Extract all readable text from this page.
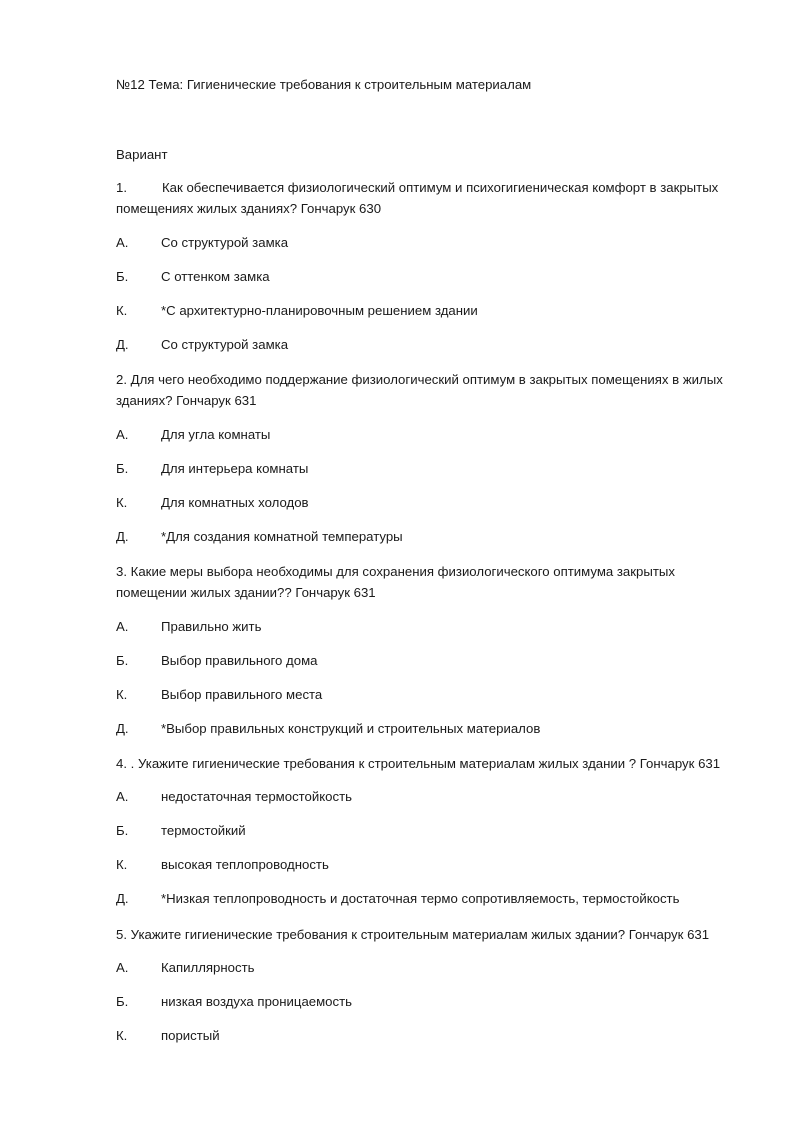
№12 Тема: Гигиенические требования к строительным материалам
Вариант
1.	Как обеспечивается физиологический оптимум и психогигиеническая комфорт в закрытых помещениях жилых зданиях? Гончарук 630
А. Со структурой замка
Б. С оттенком замка
К.	*С архитектурно-планировочным решением здании
Д. Со структурой замка
2. Для чего необходимо поддержание физиологический оптимум в закрытых помещениях в жилых зданиях? Гончарук 631
А. Для угла комнаты
Б. Для интерьера комнаты
К.	Для комнатных холодов
Д. *Для создания комнатной температуры
3. Какие меры выбора необходимы для сохранения физиологического оптимума закрытых помещении жилых здании?? Гончарук 631
А. Правильно жить
Б. Выбор правильного дома
К.	Выбор правильного места
Д. *Выбор правильных конструкций и строительных материалов
4. . Укажите гигиенические требования к строительным материалам жилых здании ? Гончарук 631
А. недостаточная термостойкость
Б. термостойкий
К.	высокая теплопроводность
Д. *Низкая теплопроводность и достаточная термо сопротивляемость, термостойкость
5. Укажите гигиенические требования к строительным материалам жилых здании? Гончарук 631
А. Капиллярность
Б. низкая воздуха проницаемость
К.	пористый
